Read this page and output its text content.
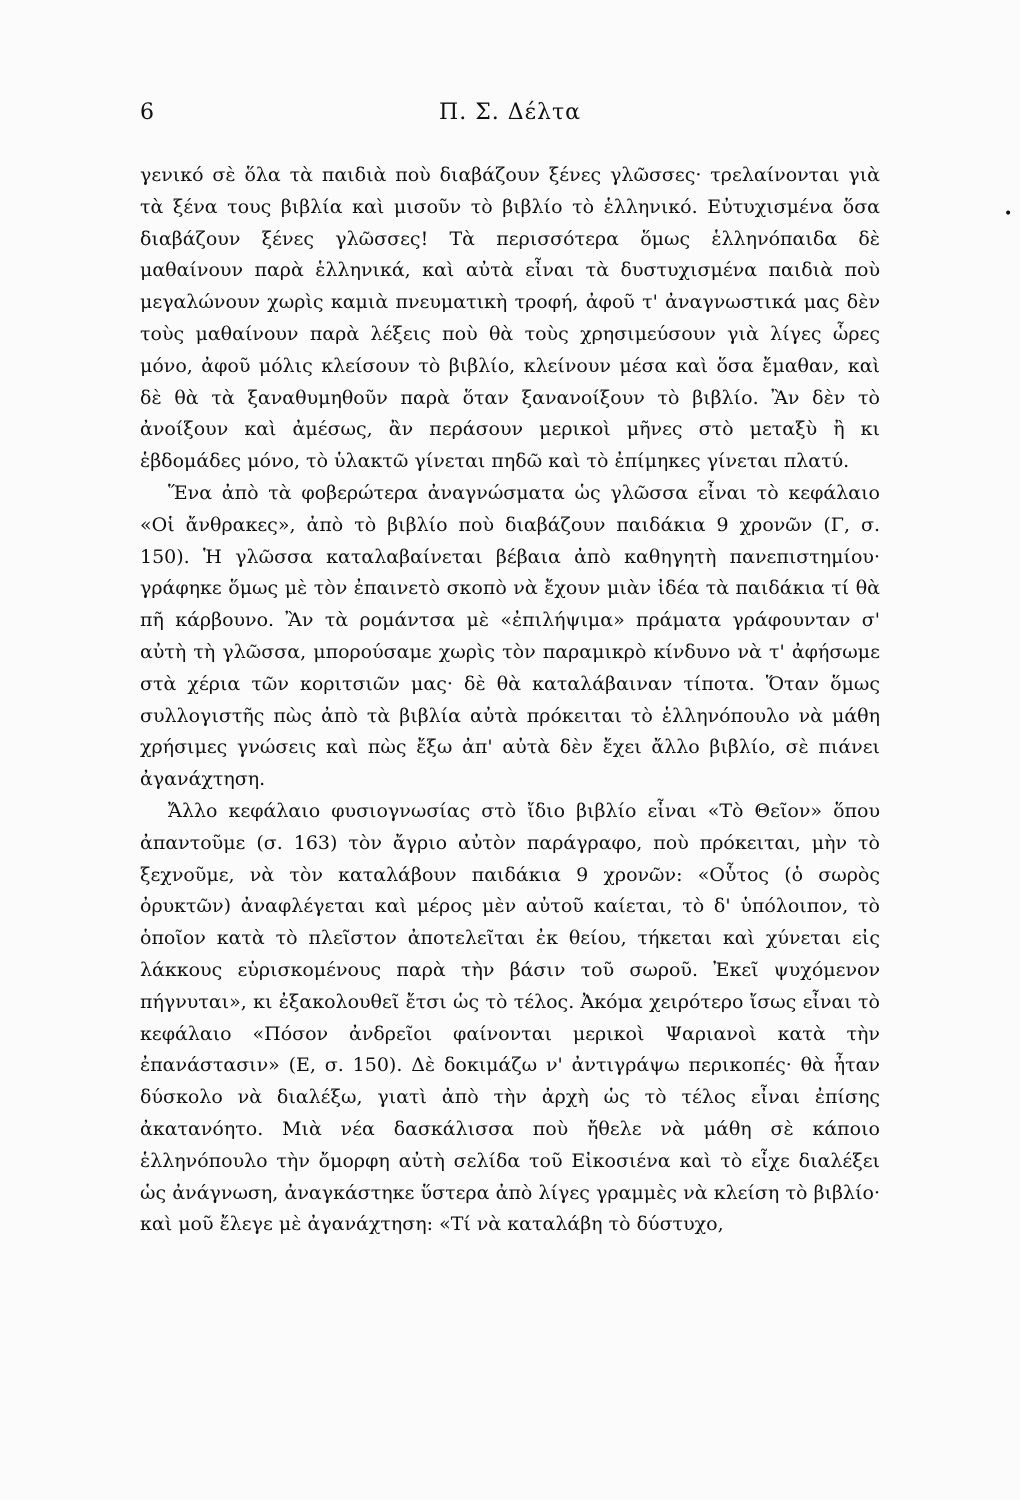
6	Π. Σ. Δέλτα

γενικό σὲ ὅλα τὰ παιδιὰ ποὺ διαβάζουν ξένες γλῶσσες· τρελαίνονται γιὰ τὰ ξένα τους βιβλία καὶ μισοῦν τὸ βιβλίο τὸ ἑλληνικό. Εὐτυχισμένα ὅσα διαβάζουν ξένες γλῶσσες! Τὰ περισσότερα ὅμως ἑλληνόπαιδα δὲ μαθαίνουν παρὰ ἑλληνικά, καὶ αὐτὰ εἶναι τὰ δυστυχισμένα παιδιὰ ποὺ μεγαλώνουν χωρὶς καμιὰ πνευματικὴ τροφή, ἀφοῦ τ' ἀναγνωστικά μας δὲν τοὺς μαθαίνουν παρὰ λέξεις ποὺ θὰ τοὺς χρησιμεύσουν γιὰ λίγες ὧρες μόνο, ἀφοῦ μόλις κλείσουν τὸ βιβλίο, κλείνουν μέσα καὶ ὅσα ἔμαθαν, καὶ δὲ θὰ τὰ ξαναθυμηθοῦν παρὰ ὅταν ξανανοίξουν τὸ βιβλίο. Ἂν δὲν τὸ ἀνοίξουν καὶ ἀμέσως, ἂν περάσουν μερικοὶ μῆνες στὸ μεταξὺ ἢ κι ἑβδομάδες μόνο, τὸ ὑλακτῶ γίνεται πηδῶ καὶ τὸ ἐπίμηκες γίνεται πλατύ.

Ἕνα ἀπὸ τὰ φοβερώτερα ἀναγνώσματα ὡς γλῶσσα εἶναι τὸ κεφάλαιο «Οἱ ἄνθρακες», ἀπὸ τὸ βιβλίο ποὺ διαβάζουν παιδάκια 9 χρονῶν (Γ, σ. 150). Ἡ γλῶσσα καταλαβαίνεται βέβαια ἀπὸ καθηγητὴ πανεπιστημίου· γράφηκε ὅμως μὲ τὸν ἐπαινετὸ σκοπὸ νὰ ἔχουν μιὰν ἰδέα τὰ παιδάκια τί θὰ πῆ κάρβουνο. Ἂν τὰ ρομάντσα μὲ «ἐπιλήψιμα» πράματα γράφουνταν σ' αὐτὴ τὴ γλῶσσα, μπορούσαμε χωρὶς τὸν παραμικρὸ κίνδυνο νὰ τ' ἀφήσωμε στὰ χέρια τῶν κοριτσιῶν μας· δὲ θὰ καταλάβαιναν τίποτα. Ὅταν ὅμως συλλογιστῆς πὼς ἀπὸ τὰ βιβλία αὐτὰ πρόκειται τὸ ἑλληνόπουλο νὰ μάθη χρήσιμες γνώσεις καὶ πὼς ἔξω ἀπ' αὐτὰ δὲν ἔχει ἄλλο βιβλίο, σὲ πιάνει ἀγανάχτηση.

Ἄλλο κεφάλαιο φυσιογνωσίας στὸ ἴδιο βιβλίο εἶναι «Τὸ Θεῖον» ὅπου ἀπαντοῦμε (σ. 163) τὸν ἄγριο αὐτὸν παράγραφο, ποὺ πρόκειται, μὴν τὸ ξεχνοῦμε, νὰ τὸν καταλάβουν παιδάκια 9 χρονῶν: «Οὗτος (ὁ σωρὸς ὀρυκτῶν) ἀναφλέγεται καὶ μέρος μὲν αὐτοῦ καίεται, τὸ δ' ὑπόλοιπον, τὸ ὁποῖον κατὰ τὸ πλεῖστον ἀποτελεῖται ἐκ θείου, τήκεται καὶ χύνεται εἰς λάκκους εὑρισκομένους παρὰ τὴν βάσιν τοῦ σωροῦ. Ἐκεῖ ψυχόμενον πήγνυται», κι ἐξακολουθεῖ ἔτσι ὡς τὸ τέλος. Ἀκόμα χειρότερο ἴσως εἶναι τὸ κεφάλαιο «Πόσον ἀνδρεῖοι φαίνονται μερικοὶ Ψαριανοὶ κατὰ τὴν ἐπανάστασιν» (Ε, σ. 150). Δὲ δοκιμάζω ν' ἀντιγράψω περικοπές· θὰ ἦταν δύσκολο νὰ διαλέξω, γιατὶ ἀπὸ τὴν ἀρχὴ ὡς τὸ τέλος εἶναι ἐπίσης ἀκατανόητο. Μιὰ νέα δασκάλισσα ποὺ ἤθελε νὰ μάθη σὲ κάποιο ἑλληνόπουλο τὴν ὄμορφη αὐτὴ σελίδα τοῦ Εἰκοσιένα καὶ τὸ εἶχε διαλέξει ὡς ἀνάγνωση, ἀναγκάστηκε ὕστερα ἀπὸ λίγες γραμμὲς νὰ κλείση τὸ βιβλίο· καὶ μοῦ ἔλεγε μὲ ἀγανάχτηση: «Τί νὰ καταλάβη τὸ δύστυχο,

•
